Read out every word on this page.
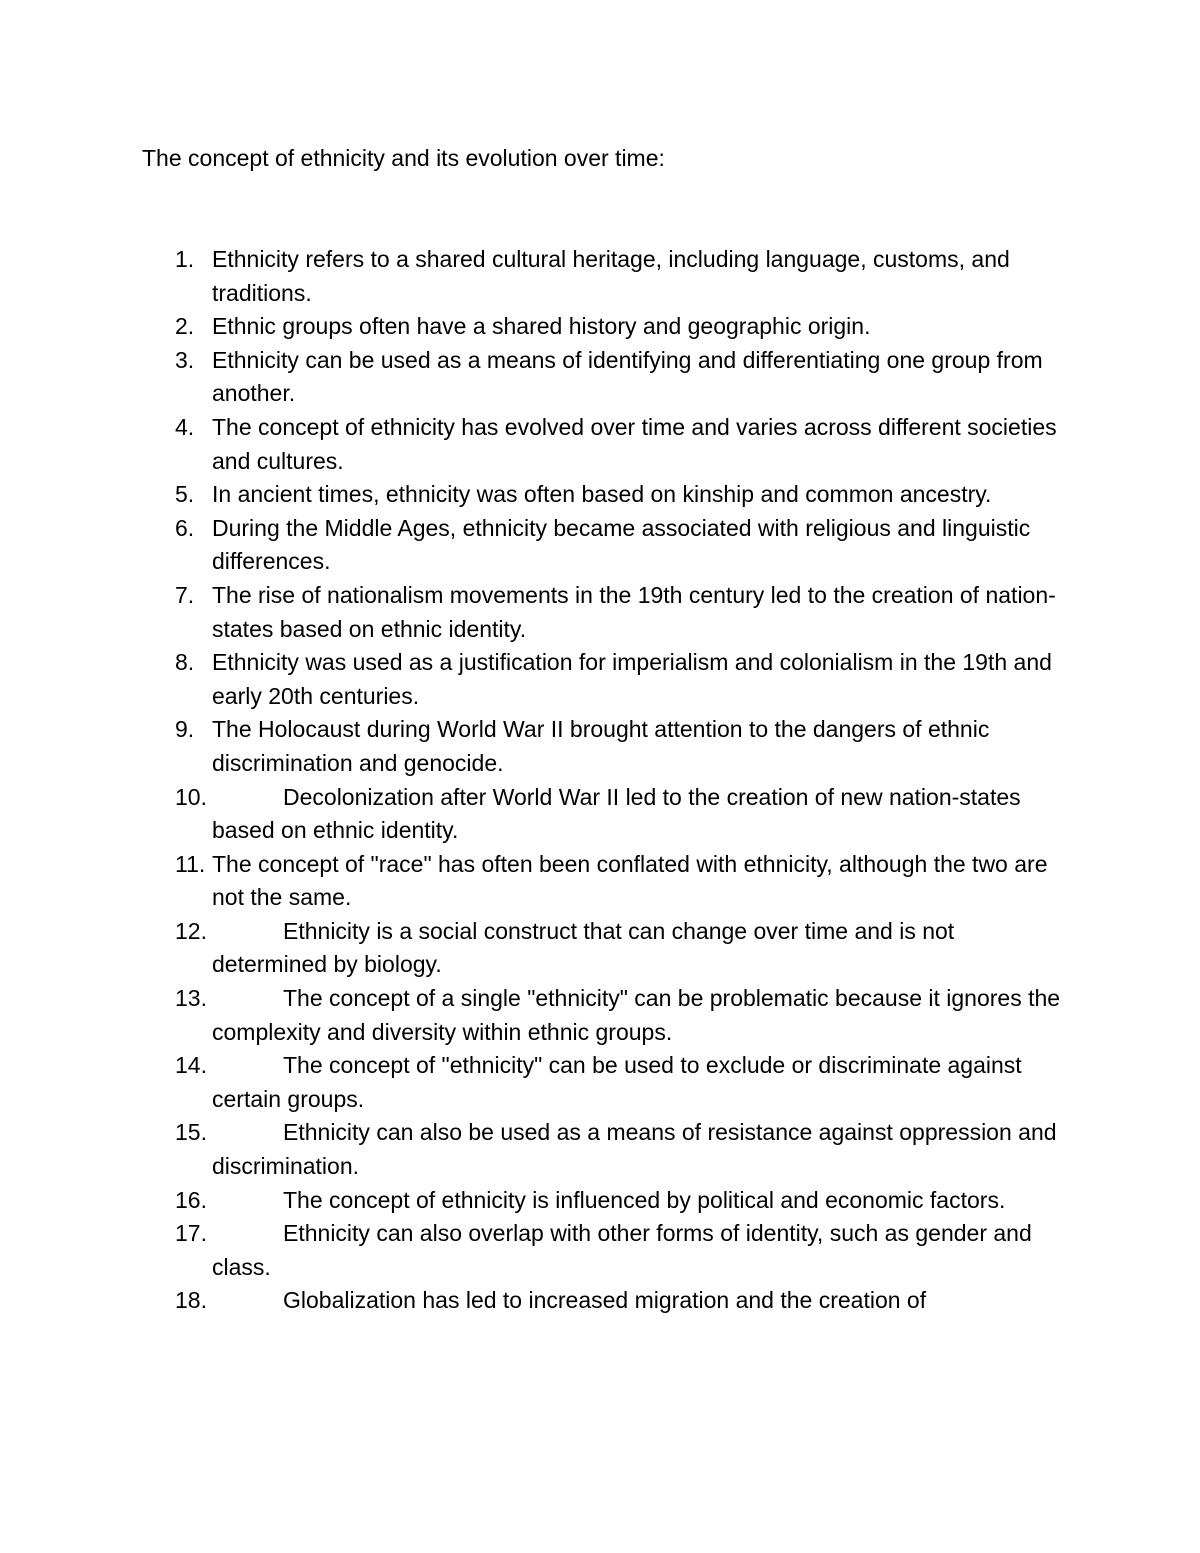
The concept of ethnicity and its evolution over time:
1. Ethnicity refers to a shared cultural heritage, including language, customs, and traditions.
2. Ethnic groups often have a shared history and geographic origin.
3. Ethnicity can be used as a means of identifying and differentiating one group from another.
4. The concept of ethnicity has evolved over time and varies across different societies and cultures.
5. In ancient times, ethnicity was often based on kinship and common ancestry.
6. During the Middle Ages, ethnicity became associated with religious and linguistic differences.
7. The rise of nationalism movements in the 19th century led to the creation of nation-states based on ethnic identity.
8. Ethnicity was used as a justification for imperialism and colonialism in the 19th and early 20th centuries.
9. The Holocaust during World War II brought attention to the dangers of ethnic discrimination and genocide.
10.	Decolonization after World War II led to the creation of new nation-states based on ethnic identity.
11. The concept of "race" has often been conflated with ethnicity, although the two are not the same.
12.	Ethnicity is a social construct that can change over time and is not determined by biology.
13.	The concept of a single "ethnicity" can be problematic because it ignores the complexity and diversity within ethnic groups.
14.	The concept of "ethnicity" can be used to exclude or discriminate against certain groups.
15.	Ethnicity can also be used as a means of resistance against oppression and discrimination.
16.	The concept of ethnicity is influenced by political and economic factors.
17.	Ethnicity can also overlap with other forms of identity, such as gender and class.
18.	Globalization has led to increased migration and the creation of
